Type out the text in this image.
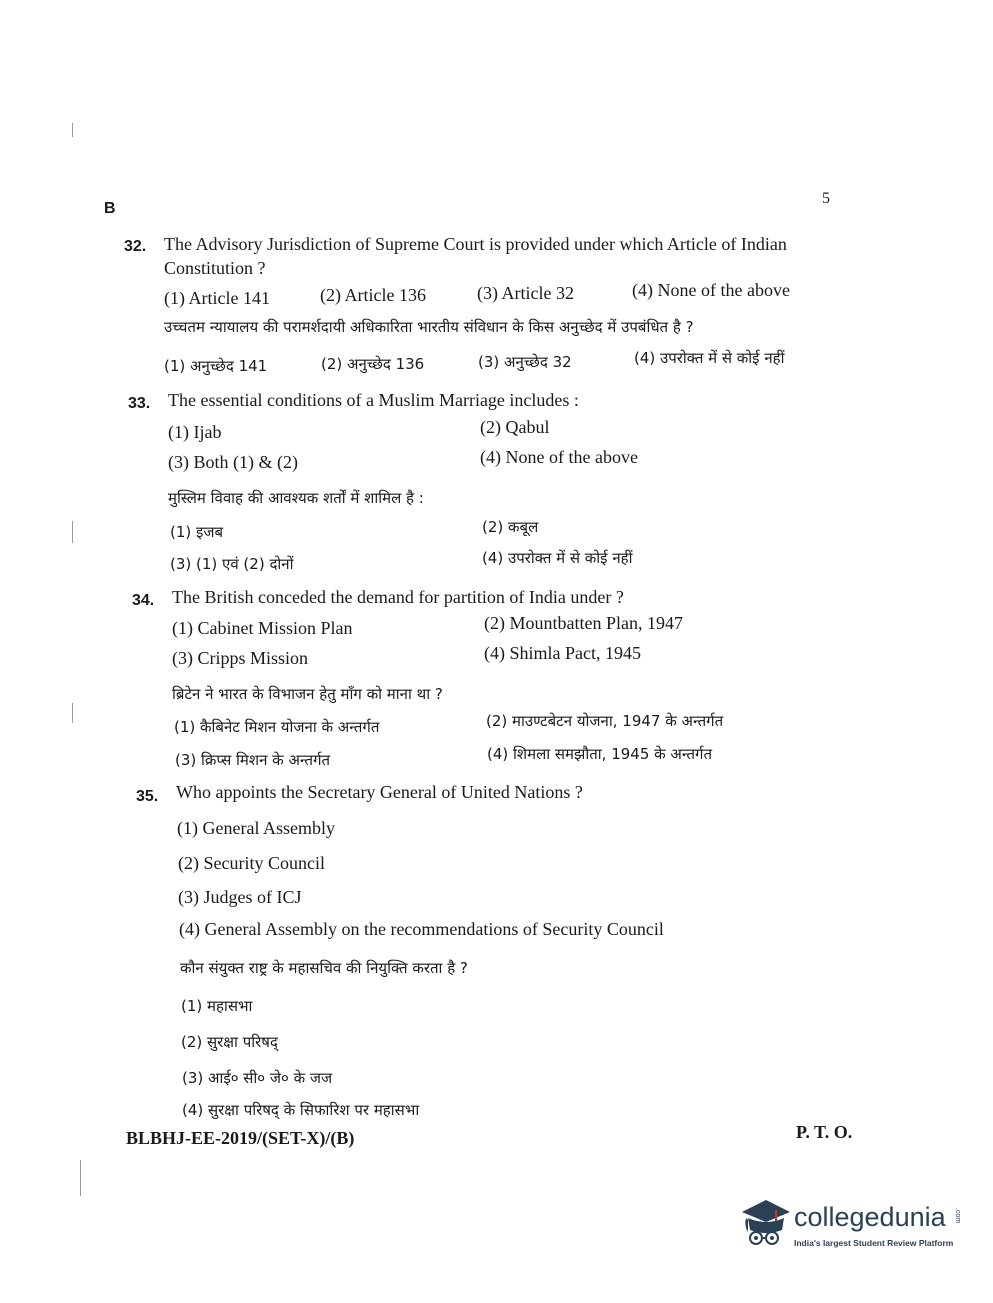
B
5
32. The Advisory Jurisdiction of Supreme Court is provided under which Article of Indian Constitution ?
(1) Article 141	(2) Article 136	(3) Article 32	(4) None of the above
उच्चतम न्यायालय की परामर्शदायी अधिकारिता भारतीय संविधान के किस अनुच्छेद में उपबंधित है ?
(1) अनुच्छेद 141	(2) अनुच्छेद 136	(3) अनुच्छेद 32	(4) उपरोक्त में से कोई नहीं
33. The essential conditions of a Muslim Marriage includes :
(1) Ijab	(2) Qabul
(3) Both (1) & (2)	(4) None of the above
मुस्लिम विवाह की आवश्यक शर्तों में शामिल है :
(1) इजब	(2) कबूल
(3) (1) एवं (2) दोनों	(4) उपरोक्त में से कोई नहीं
34. The British conceded the demand for partition of India under ?
(1) Cabinet Mission Plan	(2) Mountbatten Plan, 1947
(3) Cripps Mission	(4) Shimla Pact, 1945
ब्रिटेन ने भारत के विभाजन हेतु माँग को माना था ?
(1) कैबिनेट मिशन योजना के अन्तर्गत	(2) माउण्टबेटन योजना, 1947 के अन्तर्गत
(3) क्रिप्स मिशन के अन्तर्गत	(4) शिमला समझौता, 1945 के अन्तर्गत
35. Who appoints the Secretary General of United Nations ?
(1) General Assembly
(2) Security Council
(3) Judges of ICJ
(4) General Assembly on the recommendations of Security Council
कौन संयुक्त राष्ट्र के महासचिव की नियुक्ति करता है ?
(1) महासभा
(2) सुरक्षा परिषद्
(3) आई० सी० जे० के जज
(4) सुरक्षा परिषद् के सिफारिश पर महासभा
BLBHJ-EE-2019/(SET-X)/(B)	P. T. O.
collegedunia .com
India's largest Student Review Platform
